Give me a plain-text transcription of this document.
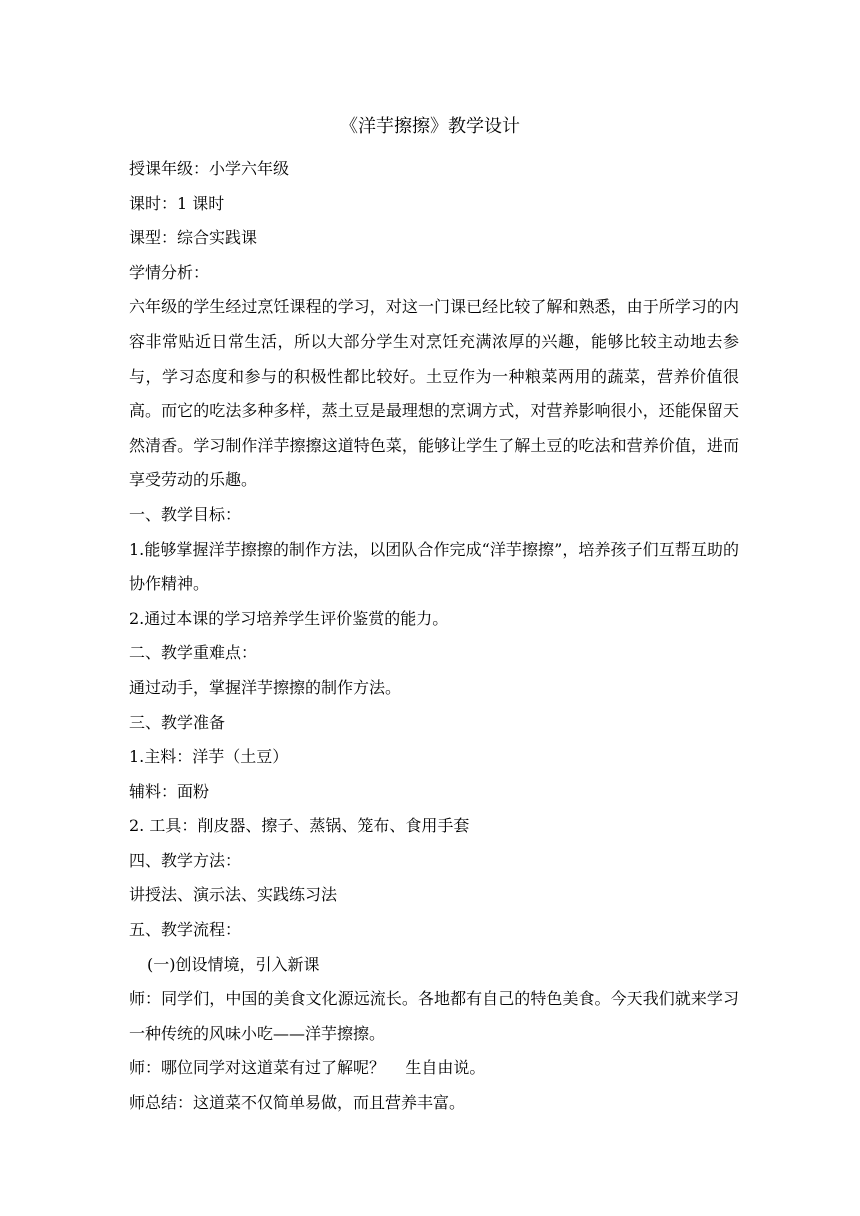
《洋芋擦擦》教学设计

授课年级：小学六年级

课时：1 课时

课型：综合实践课

学情分析：

六年级的学生经过烹饪课程的学习，对这一门课已经比较了解和熟悉，由于所学习的内容非常贴近日常生活，所以大部分学生对烹饪充满浓厚的兴趣，能够比较主动地去参与，学习态度和参与的积极性都比较好。土豆作为一种粮菜两用的蔬菜，营养价值很高。而它的吃法多种多样，蒸土豆是最理想的烹调方式，对营养影响很小，还能保留天然清香。学习制作洋芋擦擦这道特色菜，能够让学生了解土豆的吃法和营养价值，进而享受劳动的乐趣。

一、教学目标：

1.能够掌握洋芋擦擦的制作方法，以团队合作完成“洋芋擦擦”，培养孩子们互帮互助的协作精神。

2.通过本课的学习培养学生评价鉴赏的能力。

二、教学重难点：

通过动手，掌握洋芋擦擦的制作方法。

三、教学准备

1.主料：洋芋（土豆）

辅料：面粉

2. 工具：削皮器、擦子、蒸锅、笼布、食用手套

四、教学方法：

讲授法、演示法、实践练习法

五、教学流程：

(一)创设情境，引入新课

师：同学们，中国的美食文化源远流长。各地都有自己的特色美食。今天我们就来学习一种传统的风味小吃——洋芋擦擦。

师：哪位同学对这道菜有过了解呢？    生自由说。

师总结：这道菜不仅简单易做，而且营养丰富。
